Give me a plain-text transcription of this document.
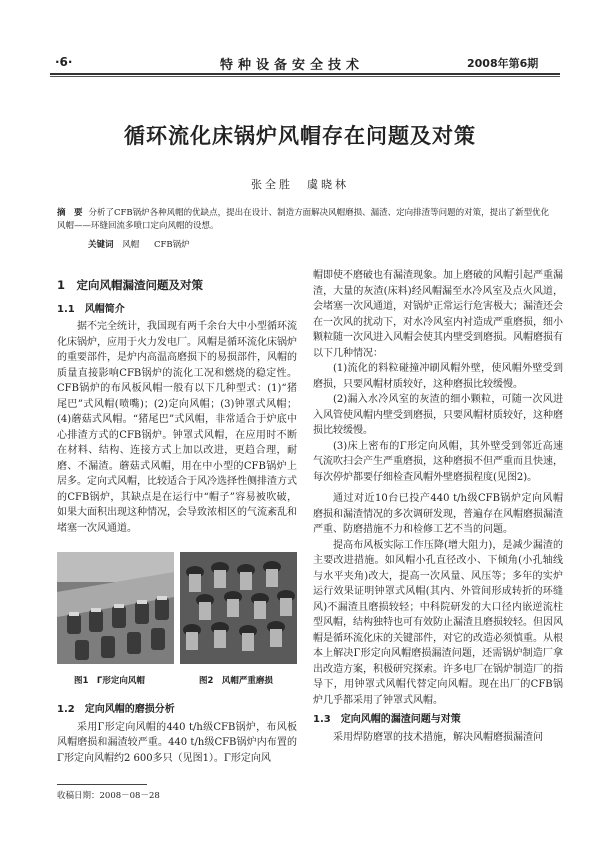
·6·	特种设备安全技术	2008年第6期
循环流化床锅炉风帽存在问题及对策
张全胜　虞晓林
摘　要 分析了CFB锅炉各种风帽的优缺点，提出在设计、制造方面解决风帽磨损、漏渣、定向排渣等问题的对策，提出了新型优化风帽——环缝回流多喷口定向风帽的设想。
关键词 风帽 CFB锅炉
1　定向风帽漏渣问题及对策
1.1　风帽简介

据不完全统计，我国现有两千余台大中小型循环流化床锅炉，应用于火力发电厂。风帽是循环流化床锅炉的重要部件，是炉内高温高磨损下的易损部件，风帽的质量直接影响CFB锅炉的流化工况和燃烧的稳定性。CFB锅炉的布风板风帽一般有以下几种型式：(1)“猪尾巴”式风帽(喷嘴)；(2)定向风帽；(3)钟罩式风帽；(4)蘑菇式风帽。“猪尾巴”式风帽，非常适合于炉底中心排渣方式的CFB锅炉。钟罩式风帽，在应用时不断在材料、结构、连接方式上加以改进，更趋合理，耐磨、不漏渣。蘑菇式风帽，用在中小型的CFB锅炉上居多。定向式风帽，比较适合于风冷选择性侧排渣方式的CFB锅炉，其缺点是在运行中“帽子”容易被吹破，如果大面积出现这种情况，会导致浓相区的气流紊乱和堵塞一次风通道。

图1　Γ形定向风帽	图2　风帽严重磨损
1.2　定向风帽的磨损分析

采用Γ形定向风帽的440 t/h级CFB锅炉，布风板风帽磨损和漏渣较严重。440 t/h级CFB锅炉内布置的Γ形定向风帽约2 600多只（见图1）。Γ形定向风

帽即使不磨破也有漏渣现象。加上磨破的风帽引起严重漏渣，大量的灰渣(床料)经风帽漏至水冷风室及点火风道，会堵塞一次风通道，对锅炉正常运行危害极大；漏渣还会在一次风的扰动下，对水冷风室内衬造成严重磨损，细小颗粒随一次风进入风帽会使其内壁受到磨损。风帽磨损有以下几种情况：

(1)流化的料粒碰撞冲刷风帽外壁，使风帽外壁受到磨损，只要风帽材质较好，这种磨损比较缓慢。

(2)漏入水冷风室的灰渣的细小颗粒，可随一次风进入风管使风帽内壁受到磨损，只要风帽材质较好，这种磨损比较缓慢。

(3)床上密布的Γ形定向风帽，其外壁受到邻近高速气流吹扫会产生严重磨损，这种磨损不但严重而且快速，每次停炉都要仔细检查风帽外壁磨损程度(见图2)。

通过对近10台已投产440 t/h级CFB锅炉定向风帽磨损和漏渣情况的多次调研发现，普遍存在风帽磨损漏渣严重、防磨措施不力和检修工艺不当的问题。

提高布风板实际工作压降(增大阻力)，是减少漏渣的主要改进措施。如风帽小孔直径改小、下倾角(小孔轴线与水平夹角)改大，提高一次风量、风压等；多年的实炉运行效果证明钟罩式风帽(其内、外管间形成转折的环缝风)不漏渣且磨损较轻；中科院研发的大口径内嵌逆流柱型风帽，结构独特也可有效防止漏渣且磨损较轻。但因风帽是循环流化床的关键部件，对它的改造必须慎重。从根本上解决Γ形定向风帽磨损漏渣问题，还需锅炉制造厂拿出改造方案，积极研究探索。许多电厂在锅炉制造厂的指导下，用钟罩式风帽代替定向风帽。现在出厂的CFB锅炉几乎都采用了钟罩式风帽。

1.3　定向风帽的漏渣问题与对策

采用焊防磨罩的技术措施，解决风帽磨损漏渣问

收稿日期：2008－08－28
